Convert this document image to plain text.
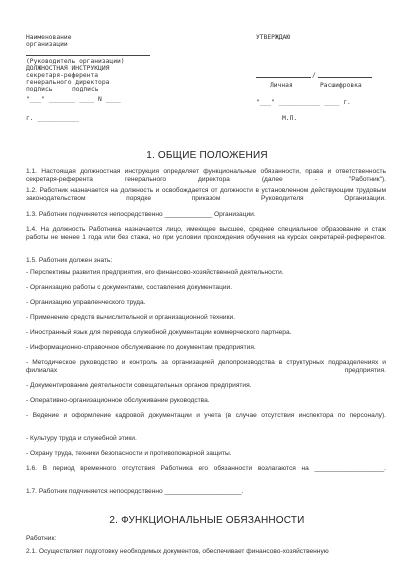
Наименование
организации
(Руководитель организации)
ДОЛЖНОСТНАЯ ИНСТРУКЦИЯ
секретаря-референта
генерального директора
подпись	подпись
"___" _______ ____ N ____
г. ___________
УТВЕРЖДАЮ
/
Личная	Расшифровка
"___" ___________ ____ г.
М.П.
1. ОБЩИЕ ПОЛОЖЕНИЯ
1.1. Настоящая должностная инструкция определяет функциональные обязанности, права и ответственность секретаря-референта генерального директора (далее - "Работник").
1.2. Работник назначается на должность и освобождается от должности в установленном действующим трудовым законодательством порядке приказом Руководителя Организации.
1.3. Работник подчиняется непосредственно _____________ Организации.
1.4. На должность Работника назначается лицо, имеющее высшее, среднее специальное образование и стаж работы не менее 1 года или без стажа, но при условии прохождения обучения на курсах секретарей-референтов.
1.5. Работник должен знать:
- Перспективы развития предприятия, его финансово-хозяйственной деятельности.
- Организацию работы с документами, составления документации.
- Организацию управленческого труда.
- Применение средств вычислительной и организационной техники.
- Иностранный язык для перевода служебной документации коммерческого партнера.
- Информационно-справочное обслуживание по документам предприятия.
- Методическое руководство и контроль за организацией делопроизводства в структурных подразделениях и филиалах предприятия.
- Документирование деятельности совещательных органов предприятия.
- Оперативно-организационное обслуживание руководства.
- Ведение и оформление кадровой документации и учета (в случае отсутствия инспектора по персоналу).
- Культуру труда и служебной этики.
- Охрану труда, техники безопасности и противопожарной защиты.
1.6. В период временного отсутствия Работника его обязанности возлагаются на ___________________.
1.7. Работник подчиняется непосредственно _____________________.
2. ФУНКЦИОНАЛЬНЫЕ ОБЯЗАННОСТИ
Работник:
2.1. Осуществляет подготовку необходимых документов, обеспечивает финансово-хозяйственную
